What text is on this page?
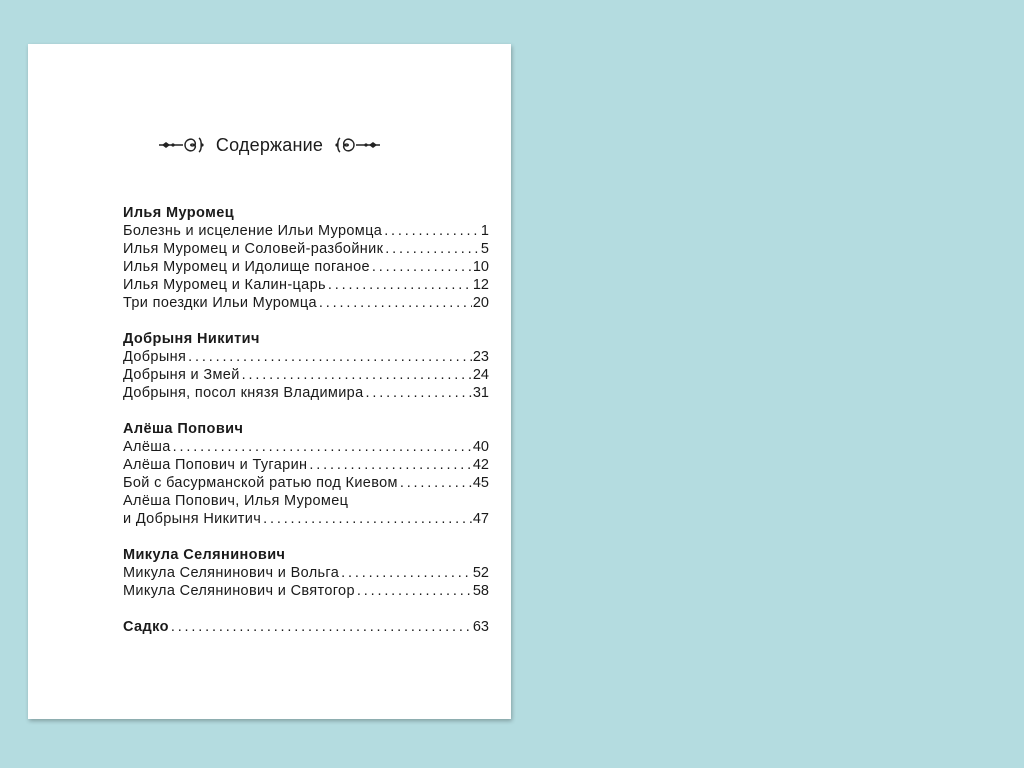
Содержание
Илья Муромец
Болезнь и исцеление Ильи Муромца . . .	1
Илья Муромец и Соловей-разбойник . . .	5
Илья Муромец и Идолище поганое . . .	10
Илья Муромец и Калин-царь . . .	12
Три поездки Ильи Муромца . . .	20
Добрыня Никитич
Добрыня . . .	23
Добрыня и Змей . . .	24
Добрыня, посол князя Владимира . . .	31
Алёша Попович
Алёша . . .	40
Алёша Попович и Тугарин . . .	42
Бой с басурманской ратью под Киевом . . .	45
Алёша Попович, Илья Муромец
и Добрыня Никитич . . .	47
Микула Селянинович
Микула Селянинович и Вольга . . .	52
Микула Селянинович и Святогор . . .	58
Садко . . .	63
